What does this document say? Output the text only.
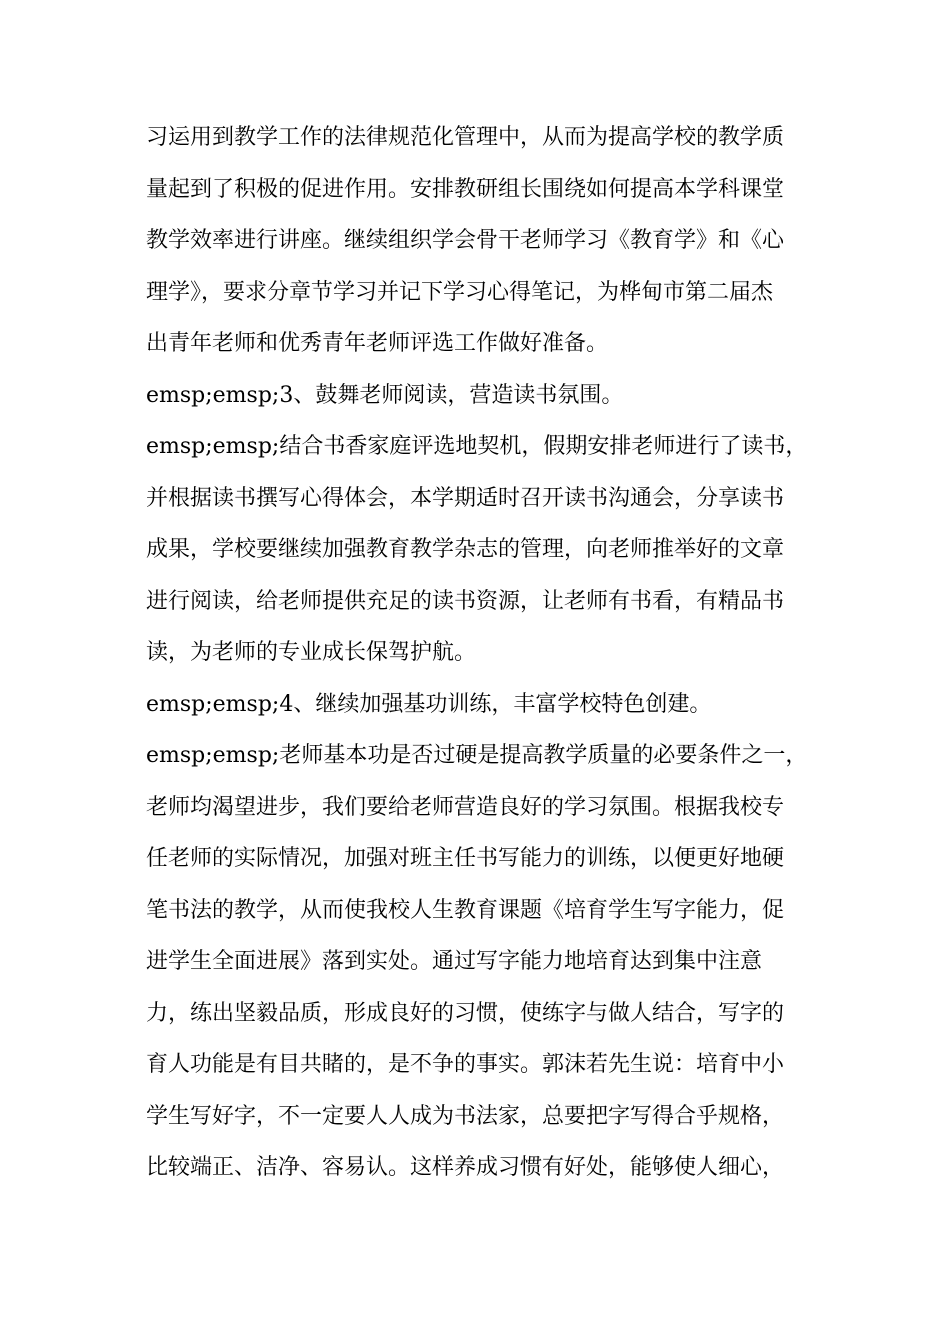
习运用到教学工作的法律规范化管理中，从而为提高学校的教学质

量起到了积极的促进作用。安排教研组长围绕如何提高本学科课堂

教学效率进行讲座。继续组织学会骨干老师学习《教育学》和《心

理学》，要求分章节学习并记下学习心得笔记，为桦甸市第二届杰

出青年老师和优秀青年老师评选工作做好准备。

emsp;emsp;3、鼓舞老师阅读，营造读书氛围。

emsp;emsp;结合书香家庭评选地契机，假期安排老师进行了读书，

并根据读书撰写心得体会，本学期适时召开读书沟通会，分享读书

成果，学校要继续加强教育教学杂志的管理，向老师推举好的文章

进行阅读，给老师提供充足的读书资源，让老师有书看，有精品书

读，为老师的专业成长保驾护航。

emsp;emsp;4、继续加强基功训练，丰富学校特色创建。

emsp;emsp;老师基本功是否过硬是提高教学质量的必要条件之一，

老师均渴望进步，我们要给老师营造良好的学习氛围。根据我校专

任老师的实际情况，加强对班主任书写能力的训练，以便更好地硬

笔书法的教学，从而使我校人生教育课题《培育学生写字能力，促

进学生全面进展》落到实处。通过写字能力地培育达到集中注意

力，练出坚毅品质，形成良好的习惯，使练字与做人结合，写字的

育人功能是有目共睹的，是不争的事实。郭沫若先生说：培育中小

学生写好字，不一定要人人成为书法家，总要把字写得合乎规格，

比较端正、洁净、容易认。这样养成习惯有好处，能够使人细心，
